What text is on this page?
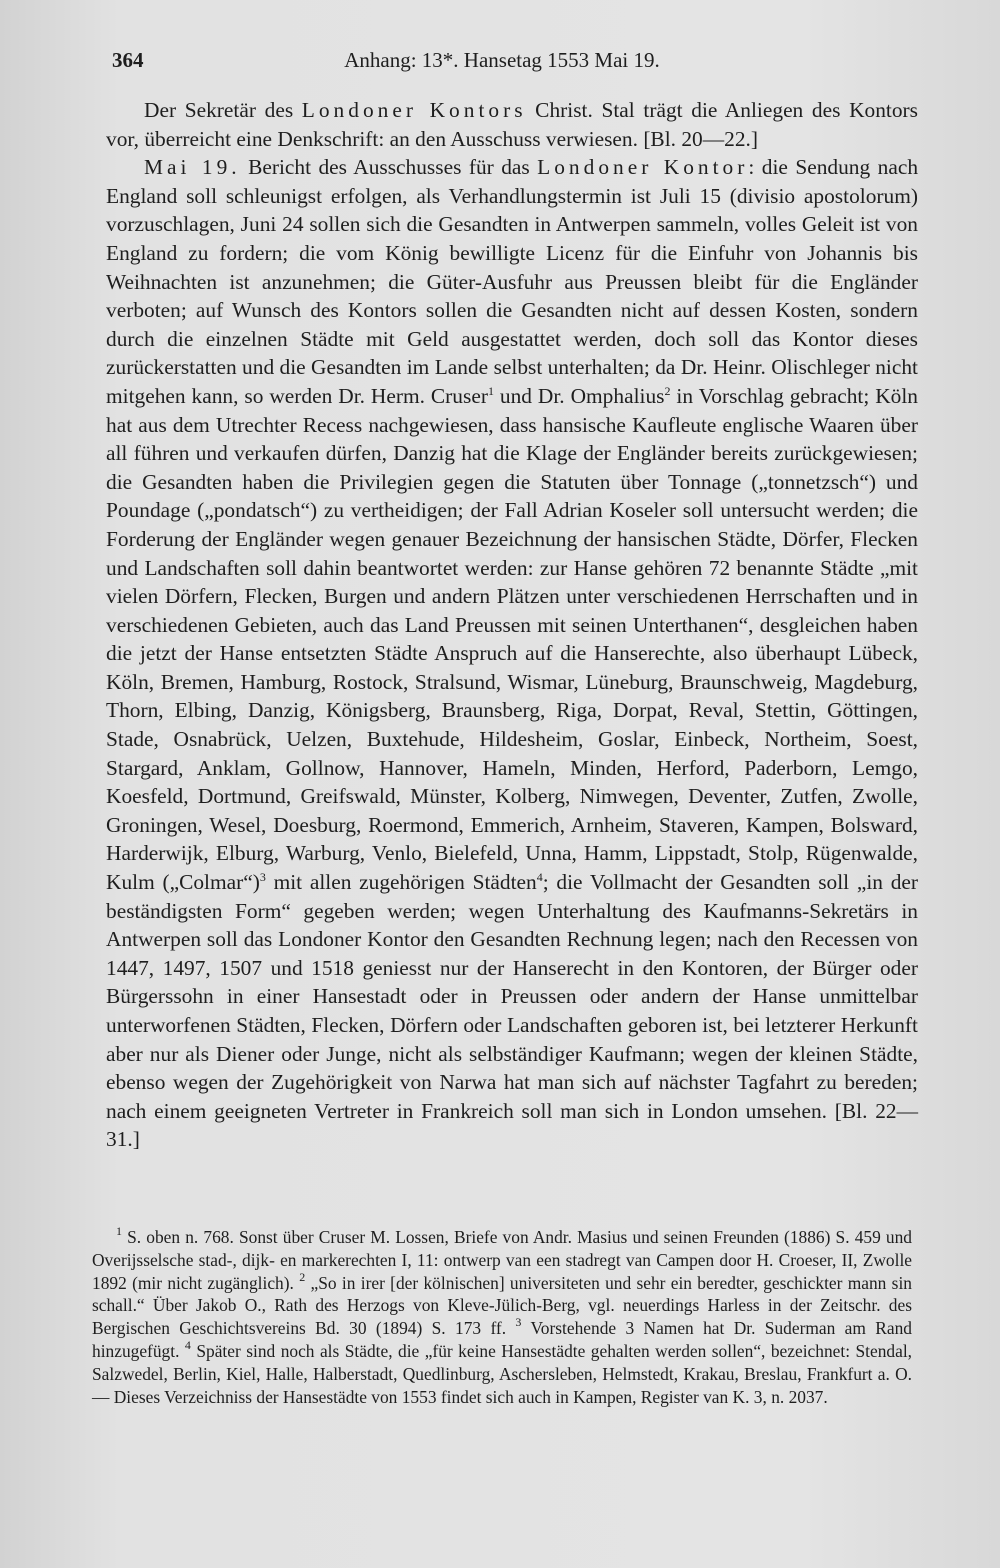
364	Anhang: 13*. Hansetag 1553 Mai 19.

Der Sekretär des Londoner Kontors Christ. Stal trägt die Anliegen des Kontors vor, überreicht eine Denkschrift: an den Ausschuss verwiesen. [Bl. 20—22.]

Mai 19. Bericht des Ausschusses für das Londoner Kontor: die Sendung nach England soll schleunigst erfolgen, als Verhandlungstermin ist Juli 15 (divisio apostolorum) vorzuschlagen, Juni 24 sollen sich die Gesandten in Antwerpen sammeln, volles Geleit ist von England zu fordern; die vom König bewilligte Licenz für die Einfuhr von Johannis bis Weihnachten ist anzunehmen; die Güter-Ausfuhr aus Preussen bleibt für die Engländer verboten; auf Wunsch des Kontors sollen die Gesandten nicht auf dessen Kosten, sondern durch die einzelnen Städte mit Geld ausgestattet werden, doch soll das Kontor dieses zurückerstatten und die Gesandten im Lande selbst unterhalten; da Dr. Heinr. Olischleger nicht mitgehen kann, so werden Dr. Herm. Cruser$^1$ und Dr. Omphalius$^2$ in Vorschlag gebracht; Köln hat aus dem Utrechter Recess nachgewiesen, dass hansische Kaufleute englische Waaren über all führen und verkaufen dürfen, Danzig hat die Klage der Engländer bereits zurückgewiesen; die Gesandten haben die Privilegien gegen die Statuten über Tonnage („tonnetzsch“) und Poundage („pondatsch“) zu vertheidigen; der Fall Adrian Koseler soll untersucht werden; die Forderung der Engländer wegen genauer Bezeichnung der hansischen Städte, Dörfer, Flecken und Landschaften soll dahin beantwortet werden: zur Hanse gehören 72 benannte Städte „mit vielen Dörfern, Flecken, Burgen und andern Plätzen unter verschiedenen Herrschaften und in verschiedenen Gebieten, auch das Land Preussen mit seinen Unterthanen“, desgleichen haben die jetzt der Hanse entsetzten Städte Anspruch auf die Hanserechte, also überhaupt Lübeck, Köln, Bremen, Hamburg, Rostock, Stralsund, Wismar, Lüneburg, Braunschweig, Magdeburg, Thorn, Elbing, Danzig, Königsberg, Braunsberg, Riga, Dorpat, Reval, Stettin, Göttingen, Stade, Osnabrück, Uelzen, Buxtehude, Hildesheim, Goslar, Einbeck, Northeim, Soest, Stargard, Anklam, Gollnow, Hannover, Hameln, Minden, Herford, Paderborn, Lemgo, Koesfeld, Dortmund, Greifswald, Münster, Kolberg, Nimwegen, Deventer, Zutfen, Zwolle, Groningen, Wesel, Doesburg, Roermond, Emmerich, Arnheim, Staveren, Kampen, Bolsward, Harderwijk, Elburg, Warburg, Venlo, Bielefeld, Unna, Hamm, Lippstadt, Stolp, Rügenwalde, Kulm („Colmar“)$^3$ mit allen zugehörigen Städten$^4$; die Vollmacht der Gesandten soll „in der beständigsten Form“ gegeben werden; wegen Unterhaltung des Kaufmanns-Sekretärs in Antwerpen soll das Londoner Kontor den Gesandten Rechnung legen; nach den Recessen von 1447, 1497, 1507 und 1518 geniesst nur der Hanserecht in den Kontoren, der Bürger oder Bürgerssohn in einer Hansestadt oder in Preussen oder andern der Hanse unmittelbar unterworfenen Städten, Flecken, Dörfern oder Landschaften geboren ist, bei letzterer Herkunft aber nur als Diener oder Junge, nicht als selbständiger Kaufmann; wegen der kleinen Städte, ebenso wegen der Zugehörigkeit von Narwa hat man sich auf nächster Tagfahrt zu bereden; nach einem geeigneten Vertreter in Frankreich soll man sich in London umsehen. [Bl. 22—31.]

$^1$ S. oben n. 768. Sonst über Cruser M. Lossen, Briefe von Andr. Masius und seinen Freunden (1886) S. 459 und Overijsselsche stad-, dijk- en markerechten I, 11: ontwerp van een stadregt van Campen door H. Croeser, II, Zwolle 1892 (mir nicht zugänglich). $^2$ „So in irer [der kölnischen] universiteten und sehr ein beredter, geschickter mann sin schall.“ Über Jakob O., Rath des Herzogs von Kleve-Jülich-Berg, vgl. neuerdings Harless in der Zeitschr. des Bergischen Geschichtsvereins Bd. 30 (1894) S. 173 ff. $^3$ Vorstehende 3 Namen hat Dr. Suderman am Rand hinzugefügt. $^4$ Später sind noch als Städte, die „für keine Hansestädte gehalten werden sollen“, bezeichnet: Stendal, Salzwedel, Berlin, Kiel, Halle, Halberstadt, Quedlinburg, Aschersleben, Helmstedt, Krakau, Breslau, Frankfurt a. O. — Dieses Verzeichniss der Hansestädte von 1553 findet sich auch in Kampen, Register van K. 3, n. 2037.
